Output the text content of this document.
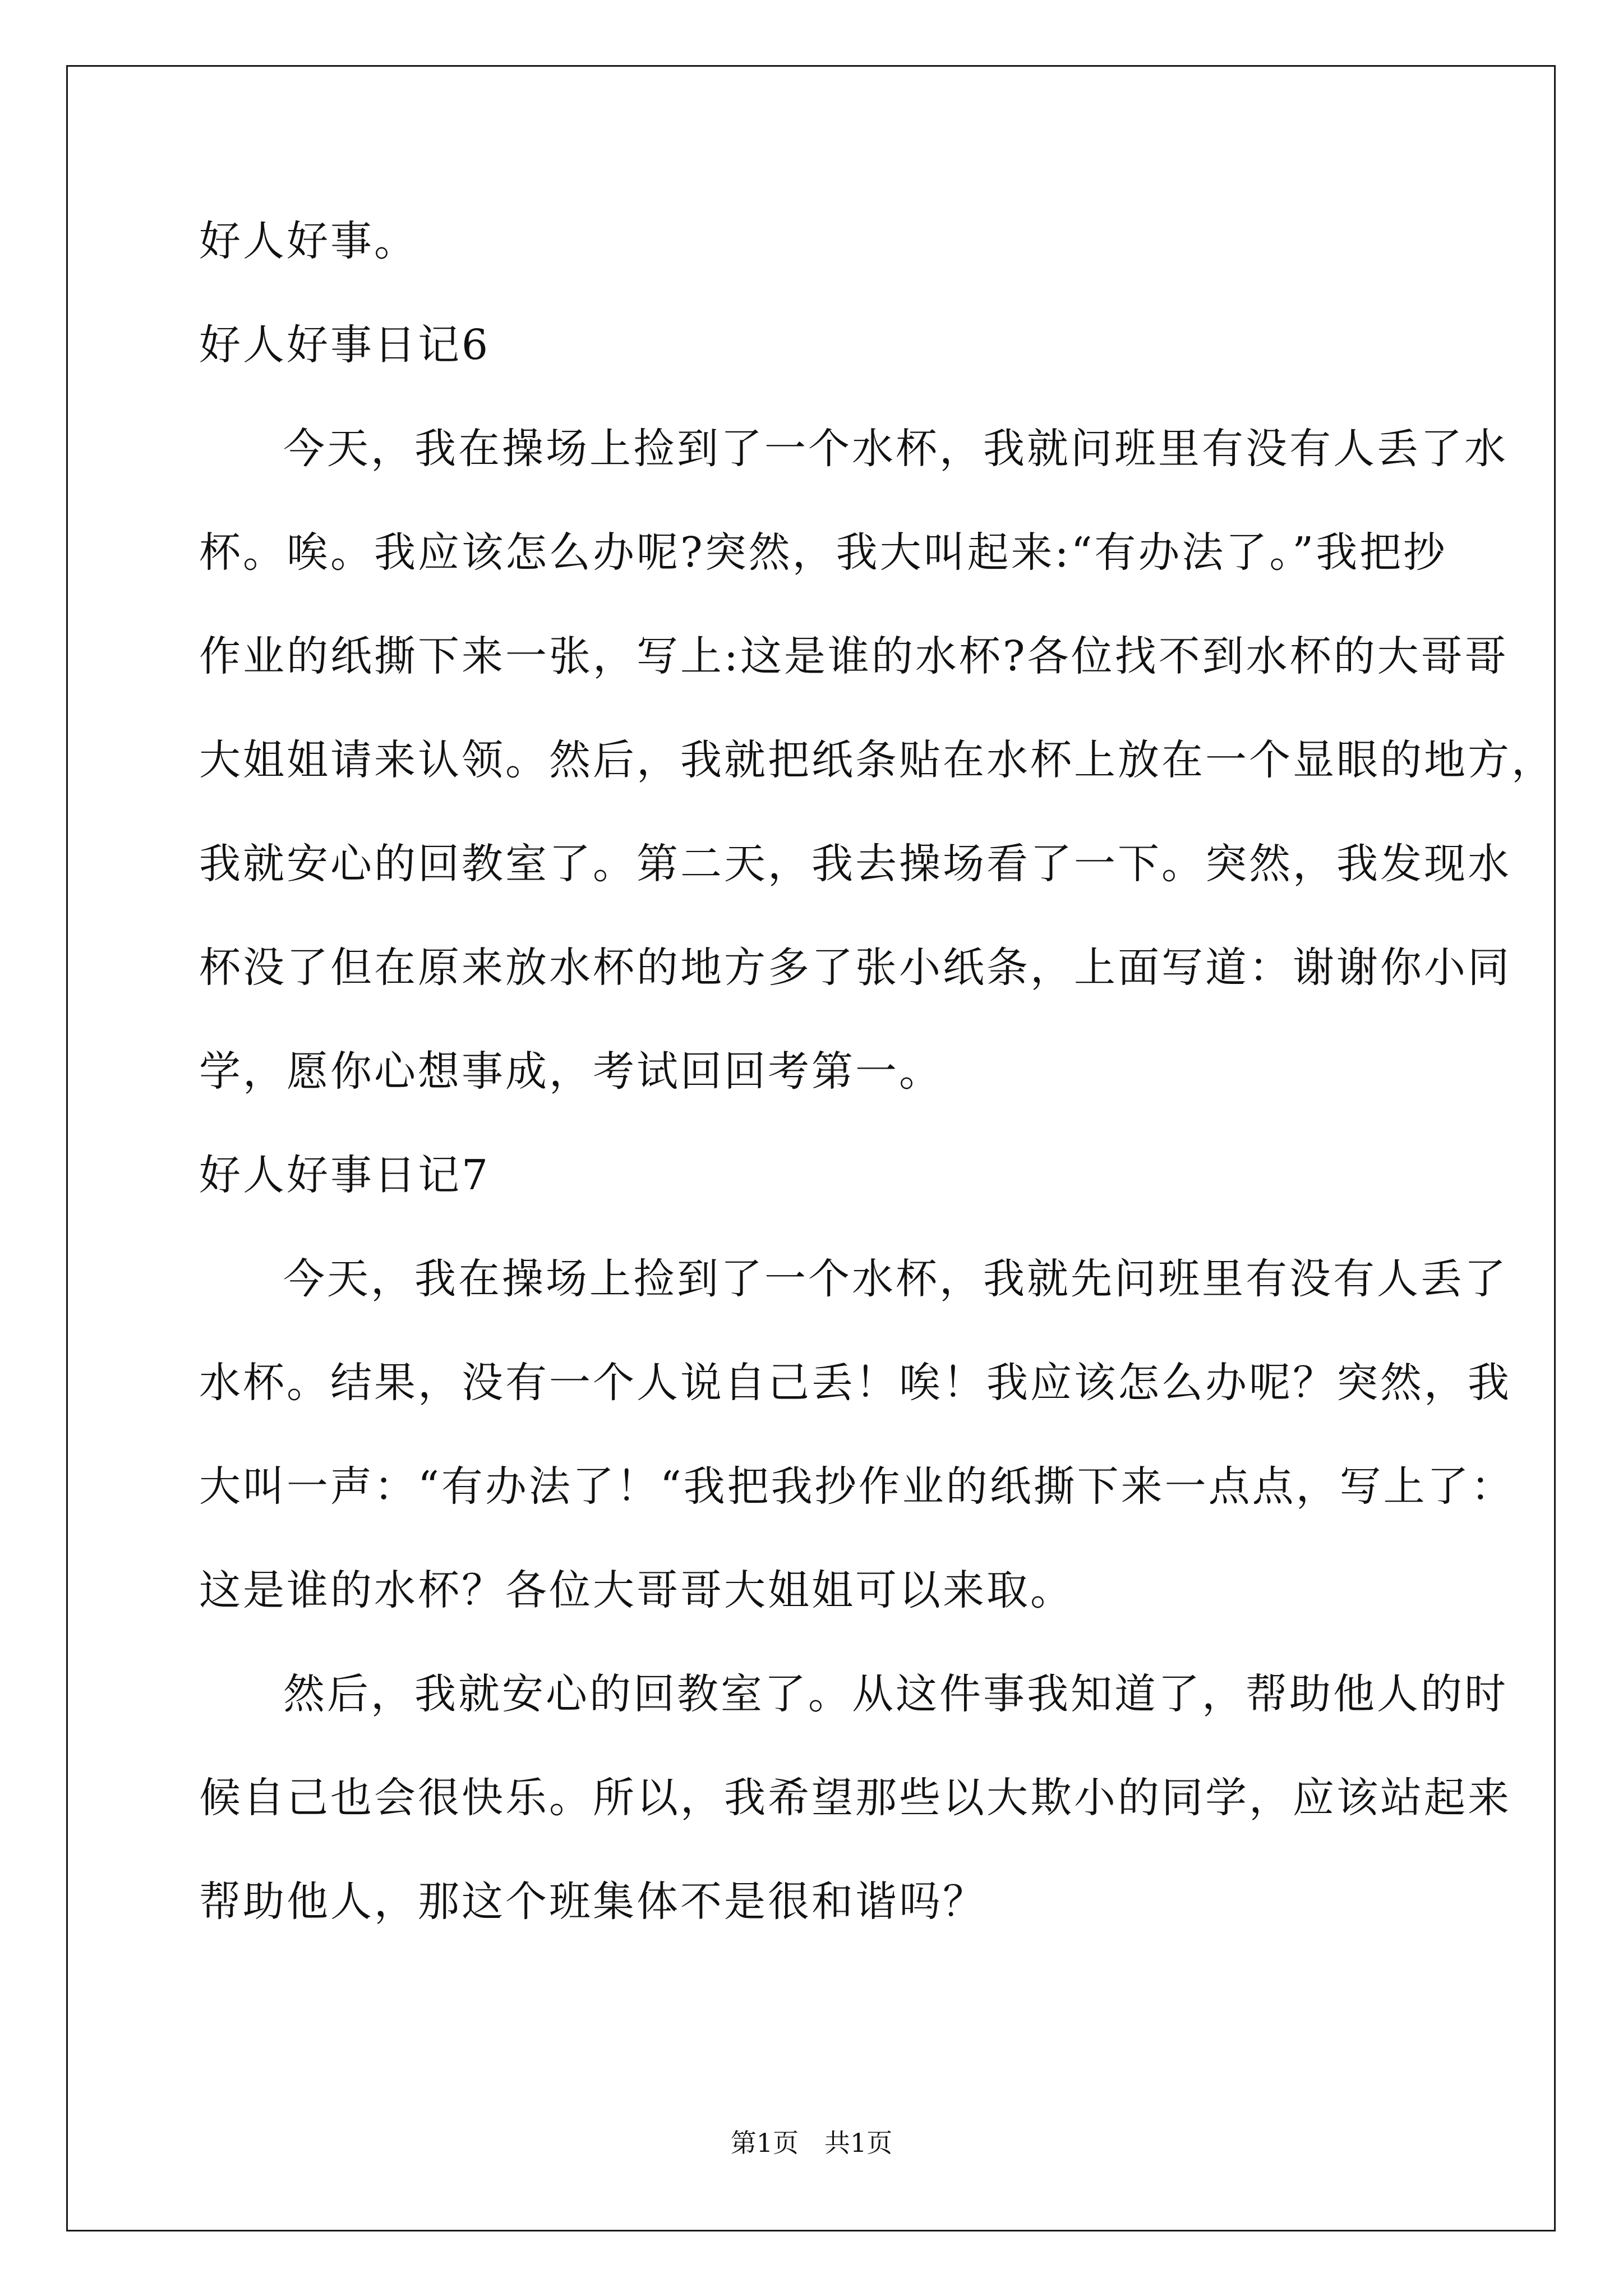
好人好事。
好人好事日记6
今天，我在操场上捡到了一个水杯，我就问班里有没有人丢了水
杯。唉。我应该怎么办呢?突然，我大叫起来:“有办法了。”我把抄
作业的纸撕下来一张，写上:这是谁的水杯?各位找不到水杯的大哥哥
大姐姐请来认领。然后，我就把纸条贴在水杯上放在一个显眼的地方，
我就安心的回教室了。第二天，我去操场看了一下。突然，我发现水
杯没了但在原来放水杯的地方多了张小纸条，上面写道：谢谢你小同
学，愿你心想事成，考试回回考第一。
好人好事日记7
今天，我在操场上捡到了一个水杯，我就先问班里有没有人丢了
水杯。结果，没有一个人说自己丢！唉！我应该怎么办呢？突然，我
大叫一声：“有办法了！“我把我抄作业的纸撕下来一点点，写上了：
这是谁的水杯？各位大哥哥大姐姐可以来取。
然后，我就安心的回教室了。从这件事我知道了，帮助他人的时
候自己也会很快乐。所以，我希望那些以大欺小的同学，应该站起来
帮助他人，那这个班集体不是很和谐吗？
第1页　共1页
